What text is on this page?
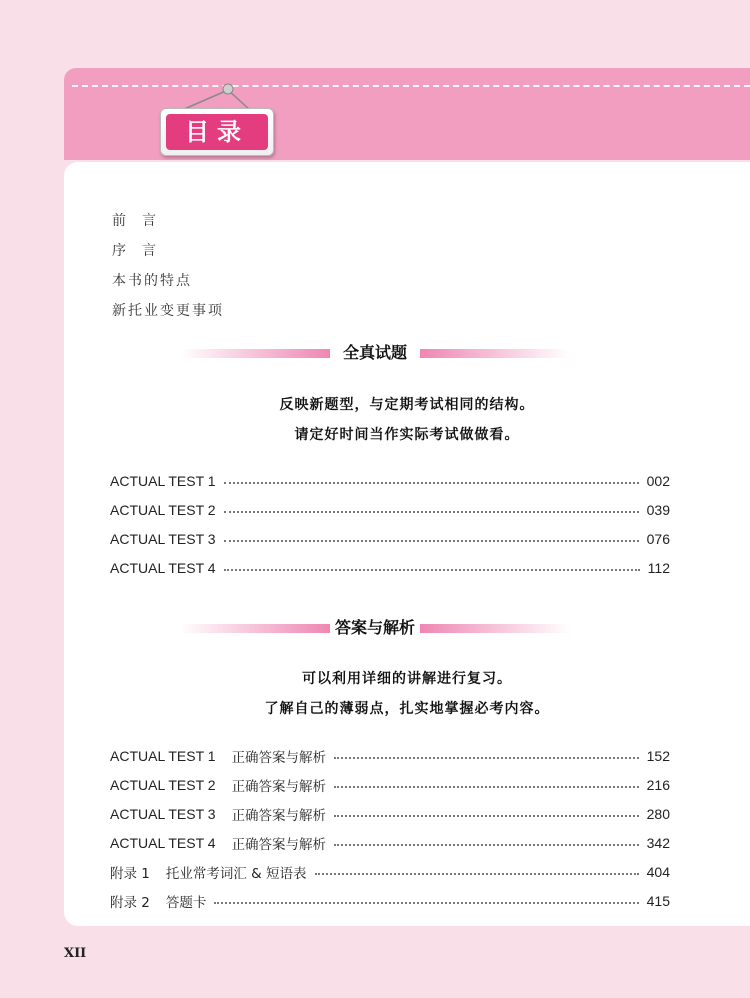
目录
前言
序言
本书的特点
新托业变更事项
全真试题
反映新题型，与定期考试相同的结构。
请定好时间当作实际考试做做看。
ACTUAL TEST 1	002
ACTUAL TEST 2	039
ACTUAL TEST 3	076
ACTUAL TEST 4	112
答案与解析
可以利用详细的讲解进行复习。
了解自己的薄弱点，扎实地掌握必考内容。
ACTUAL TEST 1 正确答案与解析	152
ACTUAL TEST 2 正确答案与解析	216
ACTUAL TEST 3 正确答案与解析	280
ACTUAL TEST 4 正确答案与解析	342
附录 1 托业常考词汇 & 短语表	404
附录 2 答题卡	415
XII
